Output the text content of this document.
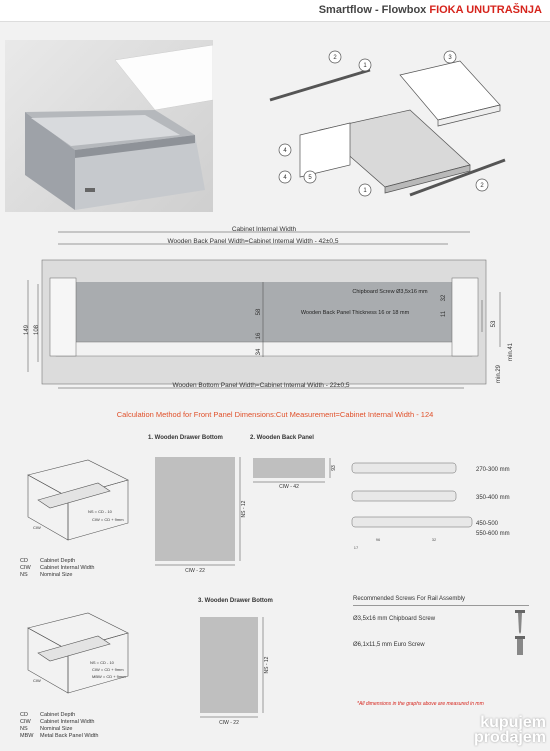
Smartflow - Flowbox FIOKA UNUTRAŠNJA
2
1
3
4
5
4
1
2
Cabinet Internal Width
Wooden Back Panel Width=Cabinet Internal Width - 42±0,5
Wooden Bottom Panel Width=Cabinet Internal Width - 22±0,5
Chipboard Screw Ø3,5x16 mm
Wooden Back Panel Thickness 16 or 18 mm
149 108
58
16
34
11
32
53
min.41
min.29
Calculation Method for Front Panel Dimensions:Cut Measurement=Cabinet Internal Width - 124
NS = CD - 10
CIW = CD + 9mm
CIW
CD Cabinet Depth
CIW Cabinet Internal Width
NS Nominal Size
NS = CD - 10
CIW = CD + 9mm
MBW = CD + 9mm
CIW
CD Cabinet Depth
CIW Cabinet Internal Width
NS Nominal Size
MBW Metal Back Panel Width
1. Wooden Drawer Bottom
CIW - 22
NS - 12
2. Wooden Back Panel
CIW - 42
93	270-300 mm
350-400 mm
450-500
550-600 mm
96	32
17
3. Wooden Drawer Bottom
CIW - 22
NS - 12
Recommended Screws For Rail Assembly
Ø3,5x16 mm Chipboard Screw
Ø6,1x11,5 mm Euro Screw
*All dimensions in the graphs above are measured in mm
kupujem
prodajem
